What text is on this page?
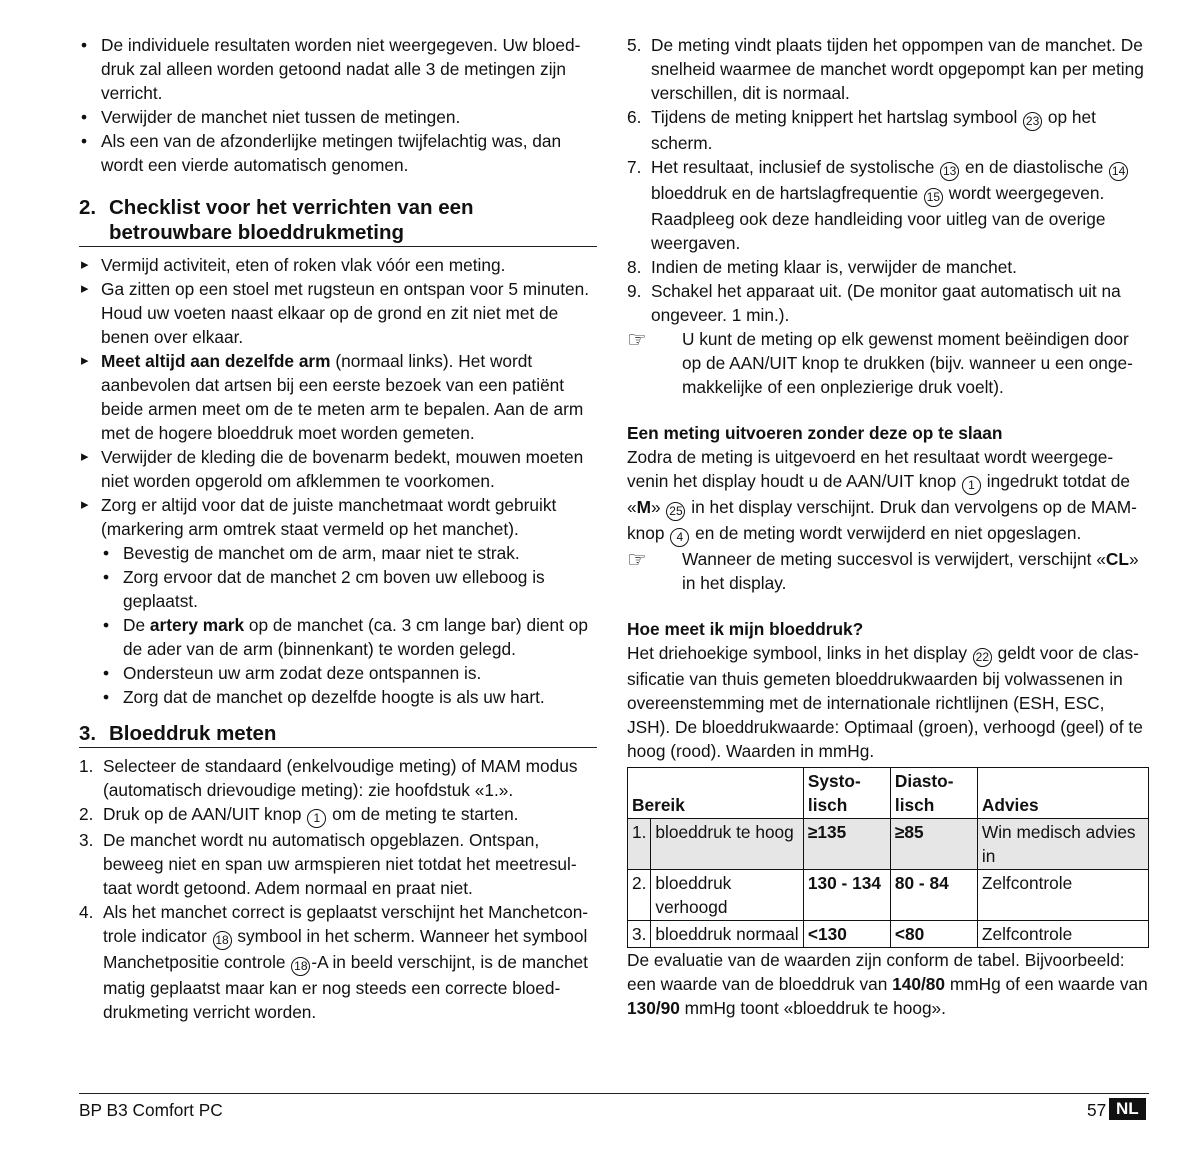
• De individuele resultaten worden niet weergegeven. Uw bloed-druk zal alleen worden getoond nadat alle 3 de metingen zijn verricht.
• Verwijder de manchet niet tussen de metingen.
• Als een van de afzonderlijke metingen twijfelachtig was, dan wordt een vierde automatisch genomen.
2. Checklist voor het verrichten van een betrouwbare bloeddrukmeting
▸ Vermijd activiteit, eten of roken vlak vóór een meting.
▸ Ga zitten op een stoel met rugsteun en ontspan voor 5 minuten. Houd uw voeten naast elkaar op de grond en zit niet met de benen over elkaar.
▸ Meet altijd aan dezelfde arm (normaal links). Het wordt aanbevolen dat artsen bij een eerste bezoek van een patiënt beide armen meet om de te meten arm te bepalen. Aan de arm met de hogere bloeddruk moet worden gemeten.
▸ Verwijder de kleding die de bovenarm bedekt, mouwen moeten niet worden opgerold om afklemmen te voorkomen.
▸ Zorg er altijd voor dat de juiste manchetmaat wordt gebruikt (markering arm omtrek staat vermeld op het manchet).
• Bevestig de manchet om de arm, maar niet te strak.
• Zorg ervoor dat de manchet 2 cm boven uw elleboog is geplaatst.
• De artery mark op de manchet (ca. 3 cm lange bar) dient op de ader van de arm (binnenkant) te worden gelegd.
• Ondersteun uw arm zodat deze ontspannen is.
• Zorg dat de manchet op dezelfde hoogte is als uw hart.
3. Bloeddruk meten
1. Selecteer de standaard (enkelvoudige meting) of MAM modus (automatisch drievoudige meting): zie hoofdstuk «1.».
2. Druk op de AAN/UIT knop 1 om de meting te starten.
3. De manchet wordt nu automatisch opgeblazen. Ontspan, beweeg niet en span uw armspieren niet totdat het meetresul-taat wordt getoond. Adem normaal en praat niet.
4. Als het manchet correct is geplaatst verschijnt het Manchetcon-trole indicator 18 symbool in het scherm. Wanneer het symbool Manchetpositie controle 18 -A in beeld verschijnt, is de manchet matig geplaatst maar kan er nog steeds een correcte bloed-drukmeting verricht worden.
5. De meting vindt plaats tijden het oppompen van de manchet. De snelheid waarmee de manchet wordt opgepompt kan per meting verschillen, dit is normaal.
6. Tijdens de meting knippert het hartslag symbool 23 op het scherm.
7. Het resultaat, inclusief de systolische 13 en de diastolische 14 bloeddruk en de hartslagfrequentie 15 wordt weergegeven. Raadpleeg ook deze handleiding voor uitleg van de overige weergaven.
8. Indien de meting klaar is, verwijder de manchet.
9. Schakel het apparaat uit. (De monitor gaat automatisch uit na ongeveer. 1 min.).
☞ U kunt de meting op elk gewenst moment beëindigen door op de AAN/UIT knop te drukken (bijv. wanneer u een onge-makkelijke of een onplezierige druk voelt).

Een meting uitvoeren zonder deze op te slaan

Zodra de meting is uitgevoerd en het resultaat wordt weergege-venin het display houdt u de AAN/UIT knop 1 ingedrukt totdat de «M» 25 in het display verschijnt. Druk dan vervolgens op de MAM-knop 4 en de meting wordt verwijderd en niet opgeslagen.

☞ Wanneer de meting succesvol is verwijdert, verschijnt «CL» in het display.

Hoe meet ik mijn bloeddruk?

Het driehoekige symbool, links in het display 22 geldt voor de clas-sificatie van thuis gemeten bloeddrukwaarden bij volwassenen in overeenstemming met de internationale richtlijnen (ESH, ESC, JSH). De bloeddrukwaarde: Optimaal (groen), verhoogd (geel) of te hoog (rood). Waarden in mmHg.

Bereik		Systo-lisch	Diasto-lisch	Advies
1.	bloeddruk te hoog	≥135	≥85	Win medisch advies in
2.	bloeddruk verhoogd	130 - 134	80 - 84	Zelfcontrole
3.	bloeddruk normaal	<130	<80	Zelfcontrole

De evaluatie van de waarden zijn conform de tabel. Bijvoorbeeld: een waarde van de bloeddruk van 140/80 mmHg of een waarde van 130/90 mmHg toont «bloeddruk te hoog».

BP B3 Comfort PC	57 NL
